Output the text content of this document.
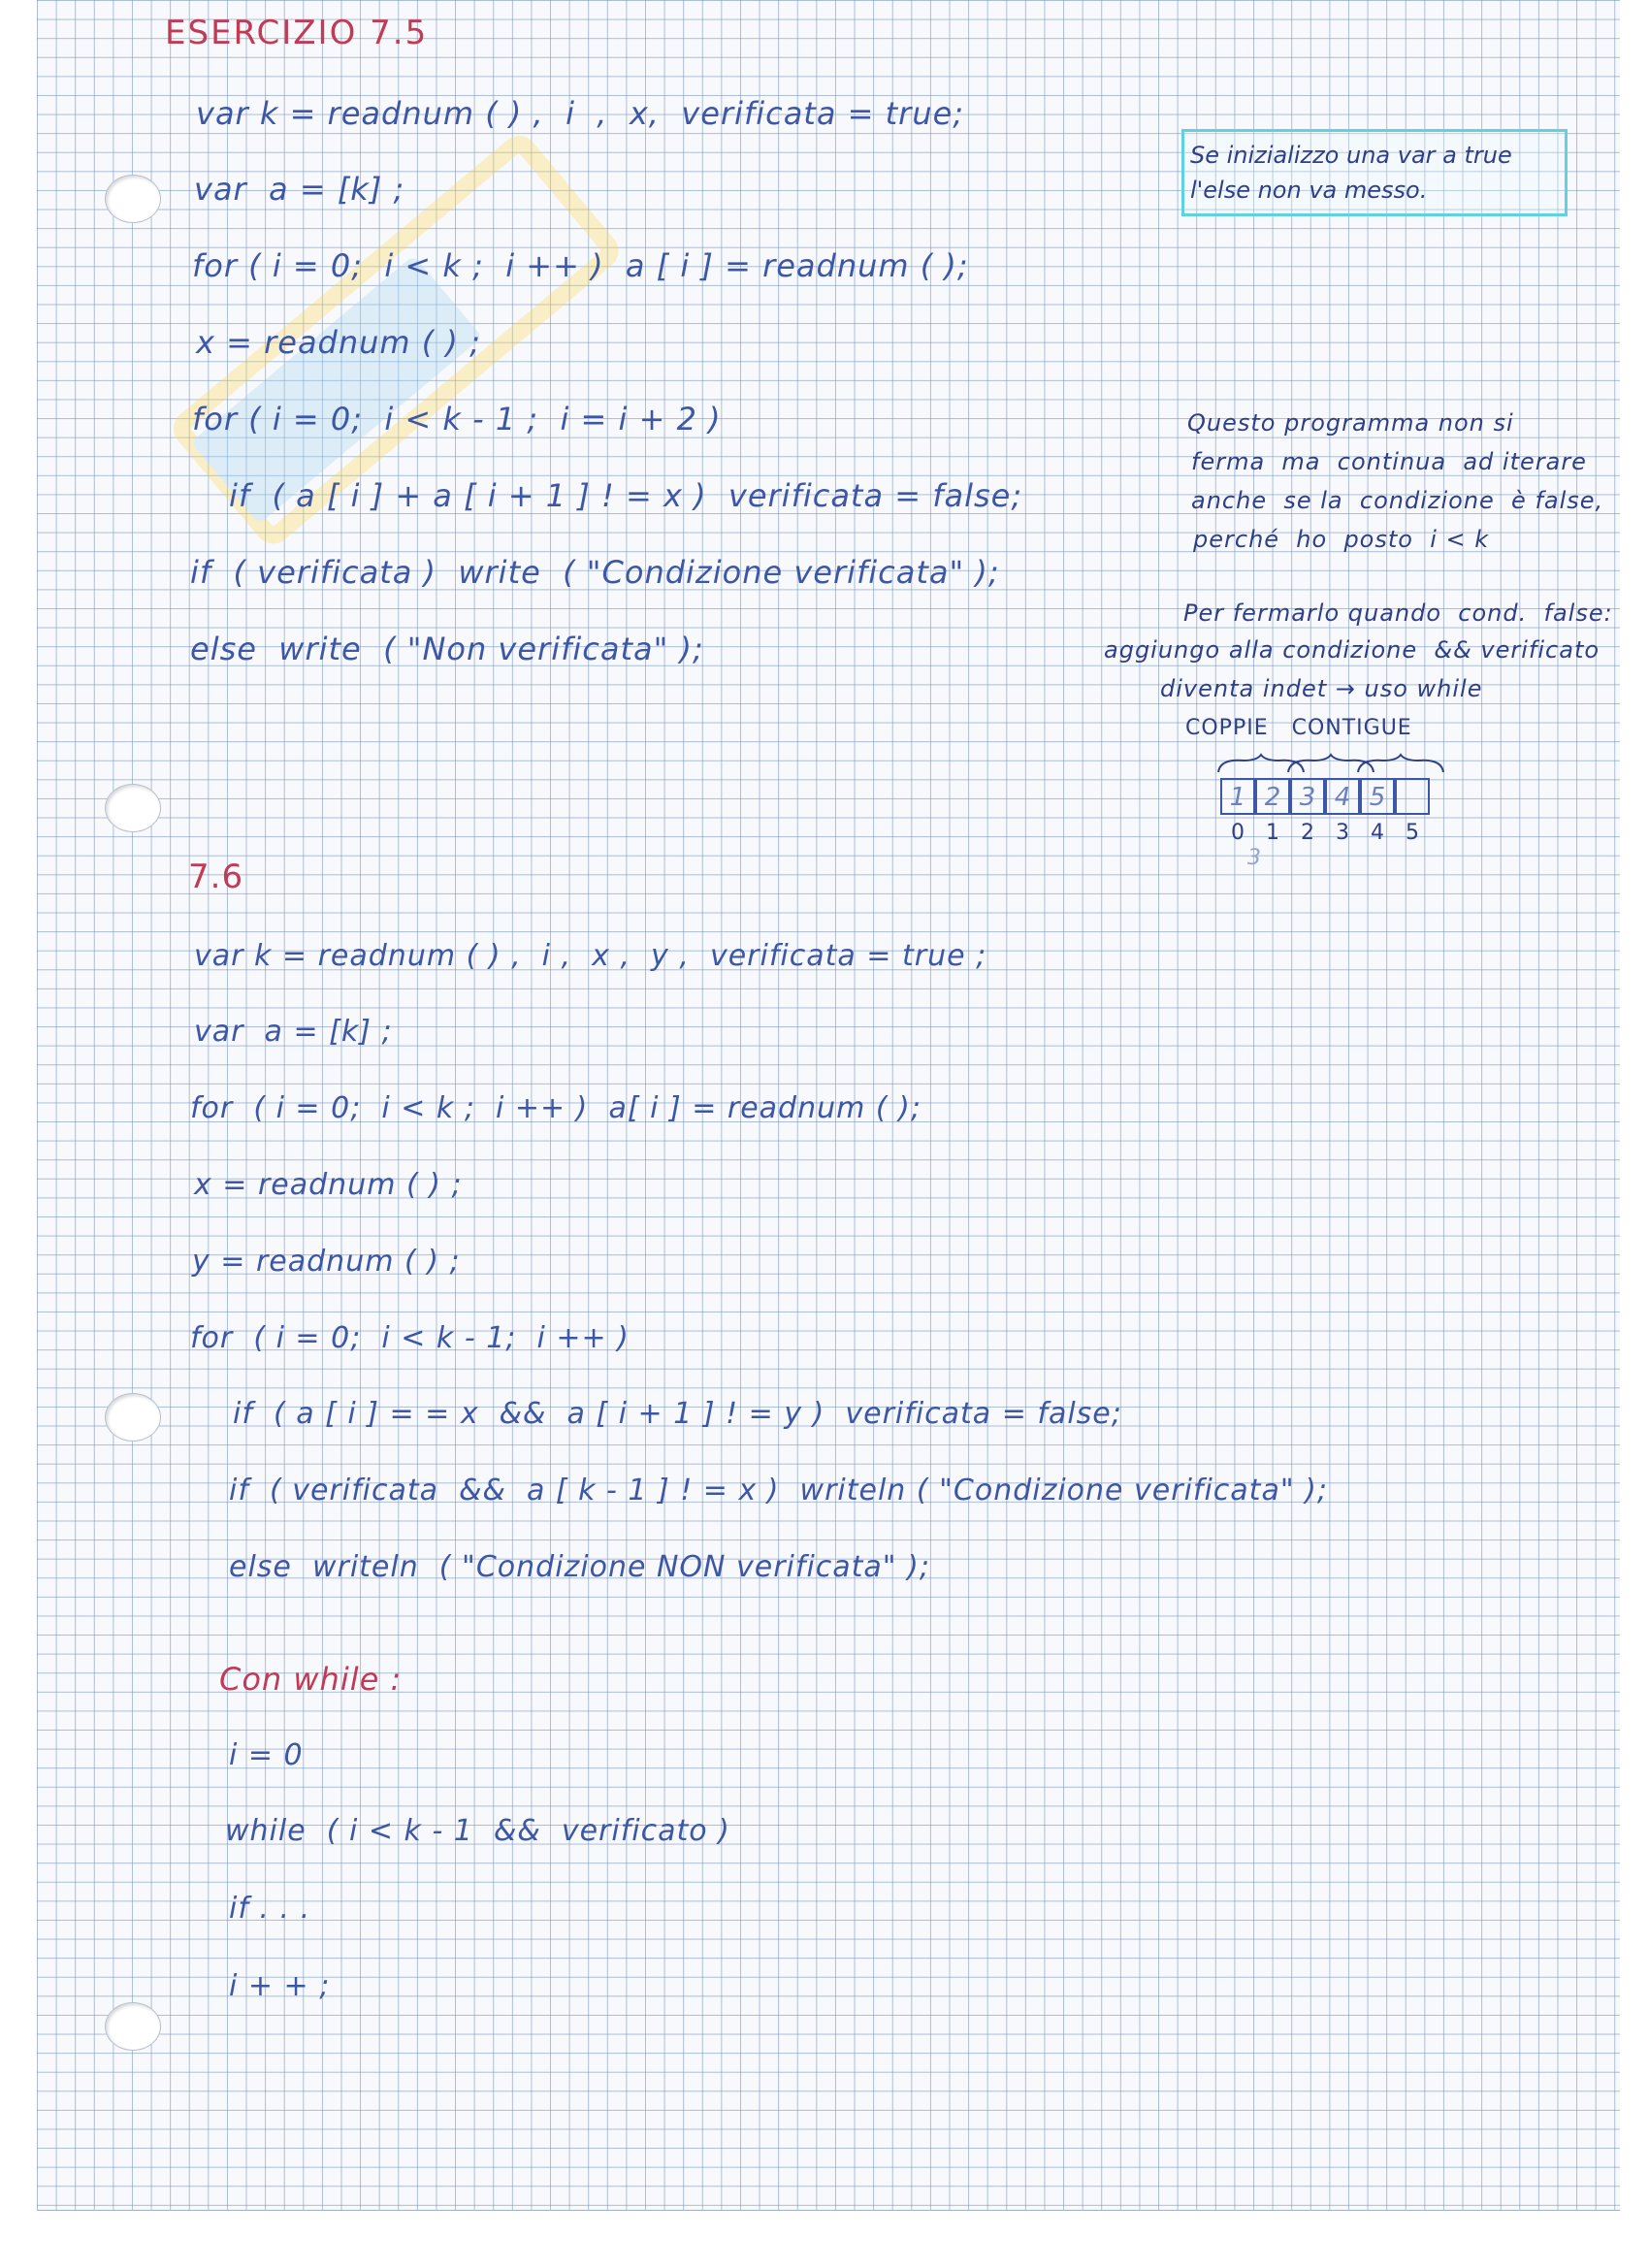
ESERCIZIO 7.5
var k = readnum ( ) ,  i  ,  x,  verificata = true;
var  a = [k] ;
for ( i = 0;  i < k ;  i ++ )  a [ i ] = readnum ( );
x = readnum ( ) ;
for ( i = 0;  i < k - 1 ;  i = i + 2 )
if  ( a [ i ] + a [ i + 1 ] ! = x )  verificata = false;
if  ( verificata )  write  ( "Condizione verificata" );
else  write  ( "Non verificata" );
Se inizializzo una var a true
l'else non va messo.
Questo programma non si
ferma  ma  continua  ad iterare
anche  se la  condizione  è false,
perché  ho  posto  i < k
Per fermarlo quando  cond.  false:
aggiungo alla condizione  && verificato
diventa indet → uso while
COPPIE   CONTIGUE
1 2 3 4 5
0	1	2	3	4	5
3
7.6
var k = readnum ( ) ,  i ,  x ,  y ,  verificata = true ;
var  a = [k] ;
for  ( i = 0;  i < k ;  i ++ )  a[ i ] = readnum ( );
x = readnum ( ) ;
y = readnum ( ) ;
for  ( i = 0;  i < k - 1;  i ++ )
if  ( a [ i ] = = x  &&  a [ i + 1 ] ! = y )  verificata = false;
if  ( verificata  &&  a [ k - 1 ] ! = x )  writeln ( "Condizione verificata" );
else  writeln  ( "Condizione NON verificata" );
Con while :
i = 0
while  ( i < k - 1  &&  verificato )
if . . .
i + + ;
